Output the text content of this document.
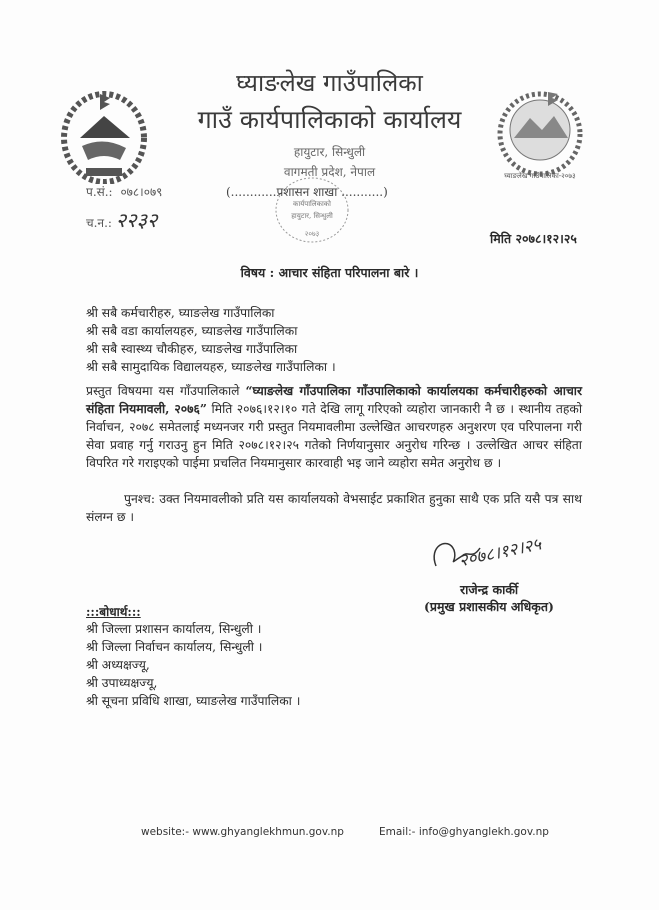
घ्याङलेख गाउँपालिका-२०७३
घ्याङलेख गाउँपालिका
गाउँ कार्यपालिकाको कार्यालय
हायुटार, सिन्धुली
वागमती प्रदेश, नेपाल
कार्यपालिकाको
हायुटार, सिन्धुली
२०७३
प.सं.: ०७८।०७९
च.न.: २२३२
(............प्रशासन शाखा ...........)
मिति २०७८।१२।२५
विषय : आचार संहिता परिपालना बारे ।
श्री सबै कर्मचारीहरु, घ्याङलेख गाउँपालिका
श्री सबै वडा कार्यालयहरु, घ्याङलेख गाउँपालिका
श्री सबै स्वास्थ्य चौकीहरु, घ्याङलेख गाउँपालिका
श्री सबै सामुदायिक विद्यालयहरु, घ्याङलेख गाउँपालिका ।
प्रस्तुत विषयमा यस गाँउपालिकाले “घ्याङलेख गाँउपालिका गाँउपालिकाको कार्यालयका कर्मचारीहरुको आचार संहिता नियमावली, २०७६” मिति २०७६।१२।१० गते देखि लागू गरिएको व्यहोरा जानकारी नै छ । स्थानीय तहको निर्वाचन, २०७८ समेतलाई मध्यनजर गरी प्रस्तुत नियमावलीमा उल्लेखित आचरणहरु अनुशरण एव परिपालना गरी सेवा प्रवाह गर्नु गराउनु हुन मिति २०७८।१२।२५ गतेको निर्णयानुसार अनुरोध गरिन्छ । उल्लेखित आचर संहिता विपरित गरे गराइएको पाईमा प्रचलित नियमानुसार कारवाही भइ जाने व्यहोरा समेत अनुरोध छ ।
पुनश्च: उक्त नियमावलीको प्रति यस कार्यालयको वेभसाईट प्रकाशित हुनुका साथै एक प्रति यसै पत्र साथ संलग्न छ ।
२०७८।१२।२५
राजेन्द्र कार्की
(प्रमुख प्रशासकीय अधिकृत)
:::बोधार्थ:::
श्री जिल्ला प्रशासन कार्यालय, सिन्धुली ।
श्री जिल्ला निर्वाचन कार्यालय, सिन्धुली ।
श्री अध्यक्षज्यू,
श्री उपाध्यक्षज्यू,
श्री सूचना प्रविधि शाखा, घ्याङलेख गाउँपालिका ।
website:- www.ghyanglekhmun.gov.np	Email:- info@ghyanglekh.gov.np
